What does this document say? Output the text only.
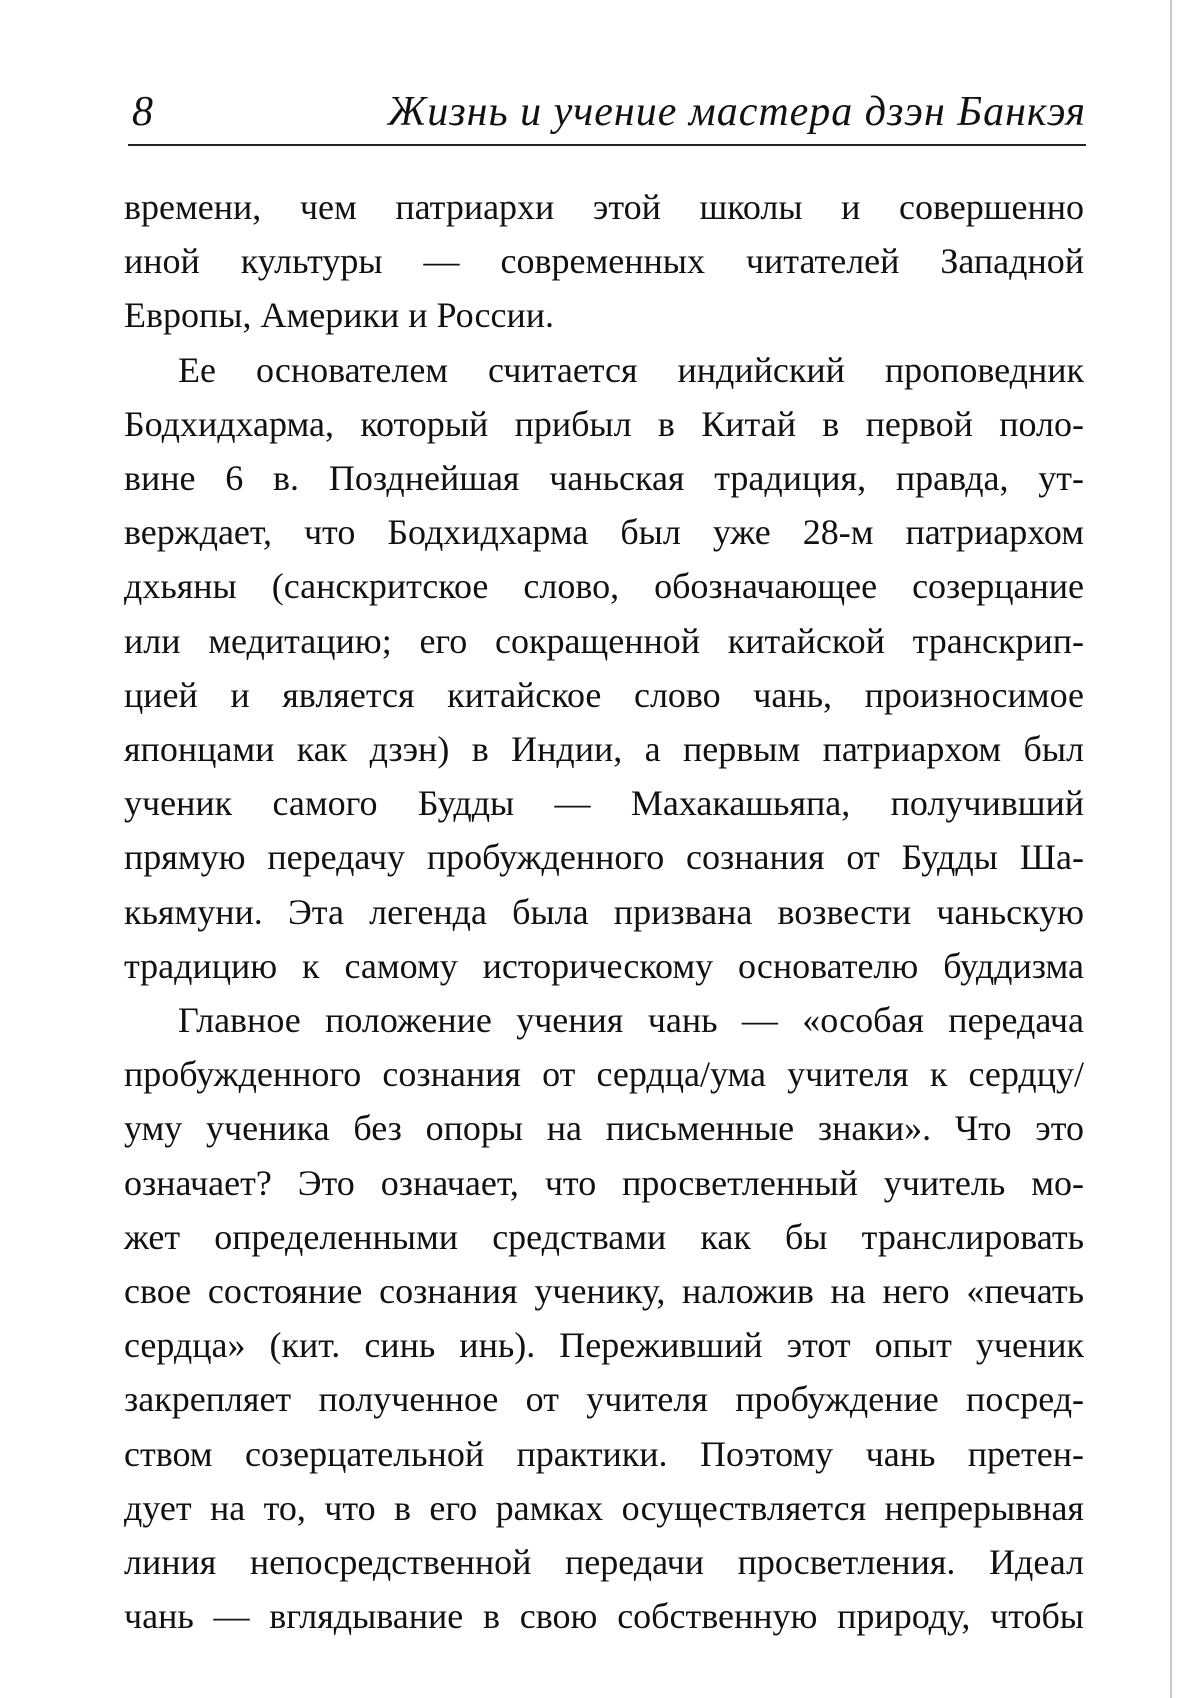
8	Жизнь и учение мастера дзэн Банкэя
времени, чем патриархи этой школы и совершенно
иной культуры — современных читателей Западной
Европы, Америки и России.
Ее основателем считается индийский проповедник
Бодхидхарма, который прибыл в Китай в первой поло-
вине 6 в. Позднейшая чаньская традиция, правда, ут-
верждает, что Бодхидхарма был уже 28-м патриархом
дхьяны (санскритское слово, обозначающее созерцание
или медитацию; его сокращенной китайской транскрип-
цией и является китайское слово чань, произносимое
японцами как дзэн) в Индии, а первым патриархом был
ученик самого Будды — Махакашьяпа, получивший
прямую передачу пробужденного сознания от Будды Ша-
кьямуни. Эта легенда была призвана возвести чаньскую
традицию к самому историческому основателю буддизма
Главное положение учения чань — «особая передача
пробужденного сознания от сердца/ума учителя к сердцу/
уму ученика без опоры на письменные знаки». Что это
означает? Это означает, что просветленный учитель мо-
жет определенными средствами как бы транслировать
свое состояние сознания ученику, наложив на него «печать
сердца» (кит. синь инь). Переживший этот опыт ученик
закрепляет полученное от учителя пробуждение посред-
ством созерцательной практики. Поэтому чань претен-
дует на то, что в его рамках осуществляется непрерывная
линия непосредственной передачи просветления. Идеал
чань — вглядывание в свою собственную природу, чтобы
